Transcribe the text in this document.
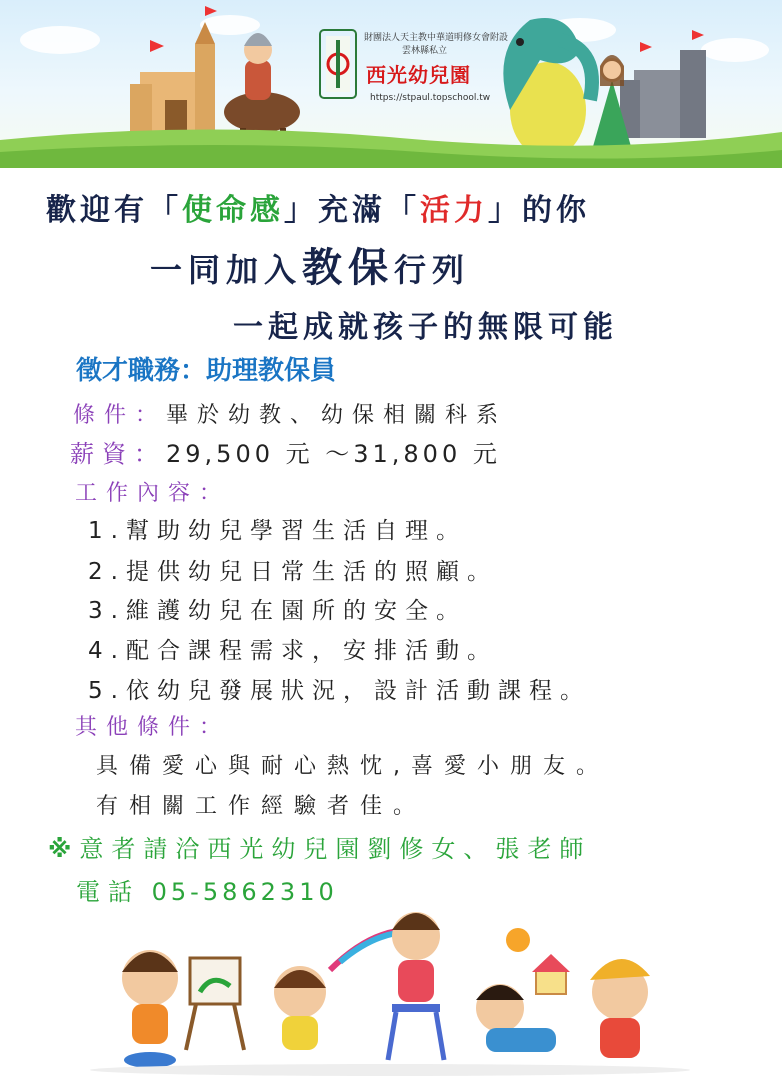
財團法人天主教中華道明修女會附設
雲林縣私立
西光幼兒園
https://stpaul.topschool.tw
歡迎有「使命感」充滿「活力」的你
一同加入教保行列
一起成就孩子的無限可能
徵才職務：助理教保員
條件：畢於幼教、幼保相關科系
薪資：29,500 元 ～31,800 元
工作內容：
1.幫助幼兒學習生活自理。
2.提供幼兒日常生活的照顧。
3.維護幼兒在園所的安全。
4.配合課程需求，安排活動。
5.依幼兒發展狀況，設計活動課程。
其他條件：
具備愛心與耐心熱忱,喜愛小朋友。
有相關工作經驗者佳。
※意者請洽西光幼兒園劉修女、張老師
電話 05-5862310
